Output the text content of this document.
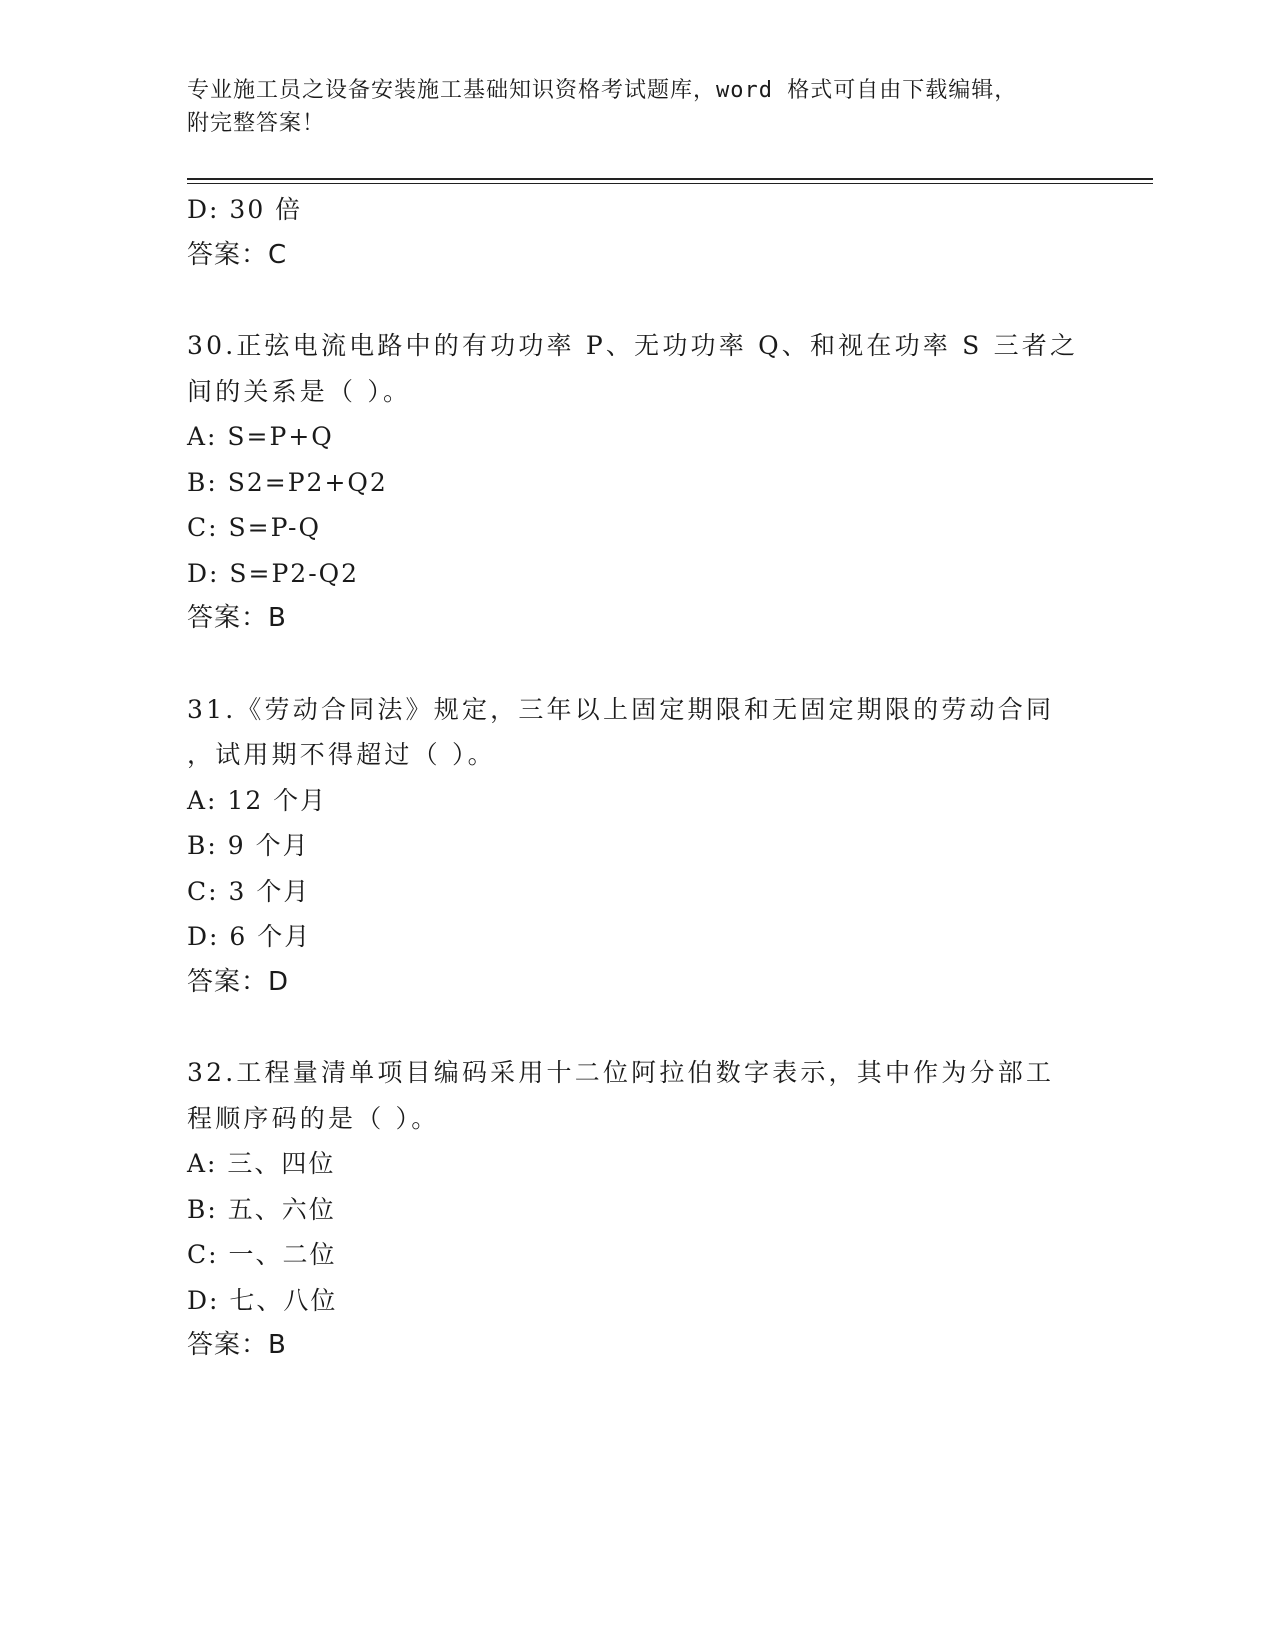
专业施工员之设备安装施工基础知识资格考试题库，word 格式可自由下载编辑，
附完整答案！
D: 30 倍
答案：C
30.正弦电流电路中的有功功率 P、无功功率 Q、和视在功率 S 三者之
间的关系是（ ）。
A: S=P+Q
B: S2=P2+Q2
C: S=P-Q
D: S=P2-Q2
答案：B
31.《劳动合同法》规定，三年以上固定期限和无固定期限的劳动合同
，试用期不得超过（ ）。
A: 12 个月
B: 9 个月
C: 3 个月
D: 6 个月
答案：D
32.工程量清单项目编码采用十二位阿拉伯数字表示，其中作为分部工
程顺序码的是（ ）。
A: 三、四位
B: 五、六位
C: 一、二位
D: 七、八位
答案：B
